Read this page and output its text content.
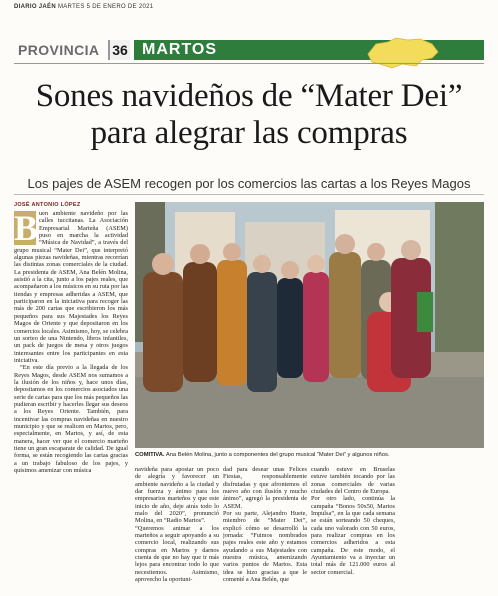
DIARIO JAÉN MARTES 5 DE ENERO DE 2021
PROVINCIA 36 MARTOS
Sones navideños de “Mater Dei” para alegrar las compras
Los pajes de ASEM recogen por los comercios las cartas a los Reyes Magos
JOSÉ ANTONIO LÓPEZ
B uen ambiente navideño por las calles tuccitanas. La Asociación Empresarial Marteña (ASEM) puso en marcha la actividad “Música de Navidad”, a través del grupo musical “Mater Dei”, que interpretó algunas piezas navideñas, mientras recorrían las distintas zonas comerciales de la ciudad. La presidenta de ASEM, Ana Belén Molina, asistió a la cita, junto a los pajes reales, que acompañaron a los músicos en su ruta por las tiendas y empresas adheridas a ASEM, que participaron en la iniciativa para recoger las más de 200 cartas que escribieron los más pequeños para sus Majestades los Reyes Magos de Oriente y que depositaron en los comercios locales. Asimismo, hoy, se celebra un sorteo de una Nintendo, libros infantiles, un pack de juegos de mesa y otros juegos interesantes entre los participantes en esta iniciativa.

“En este día previo a la llegada de los Reyes Magos, desde ASEM nos sumamos a la ilusión de los niños y, hace unos días, depositamos en los comercios asociados una serie de cartas para que los más pequeños las pudieran escribir y hacerles llegar sus deseos a los Reyes Oriente. También, para incentivar las compras navideñas en nuestro municipio y que se realicen en Martos, pero, especialmente, en Martos, y así, de esta manera, hacer ver que el comercio marteño tiene un gran escaparate de calidad. De igual forma, se están recogiendo las cartas gracias a un trabajo fabuloso de los pajes, y quisimos amenizar con música

COMITIVA. Ana Belén Molina, junto a componentes del grupo musical “Mater Dei” y algunos niños.

navideña para apostar un poco de alegría y favorecer un ambiente navideño a la ciudad y dar fuerza y ánimo para los empresarios marteños y que este inicio de año, deje atrás todo lo malo del 2020”, pronunció Molina, en “Radio Martos”.
“Queremos animar a los marteños a seguir apoyando a su comercio local, realizando sus compras en Martos y darnos cuenta de que no hay que ir más lejos para encontrar todo lo que necesitemos. Asimismo, aprovecho la oportuni-

dad para desear unas Felices Fiestas, responsablemente disfrutadas y que afrontemos el nuevo año con ilusión y mucho ánimo”, agregó la presidenta de ASEM.
Por su parte, Alejandro Huete, miembro de “Mater Dei”, explicó cómo se desarrolló la jornada: “Fuimos nombrados pajes reales este año y estamos ayudando a sus Majestades con nuestra música, amenizando varios puntos de Martos. Esta idea se hizo gracias a que le comenté a Ana Belén, que

cuando estuve en Bruselas estuve también tocando por las zonas comerciales de varias ciudades del Centro de Europa.
Por otro lado, continúa la campaña “Bonos 50x50, Martos Impulsa”, en la que cada semana se están sorteando 50 cheques, cada uno valorado con 50 euros, para realizar compras en los comercios adheridos a esta campaña. De este modo, el Ayuntamiento va a inyectar un total más de 121.000 euros al sector comercial.
